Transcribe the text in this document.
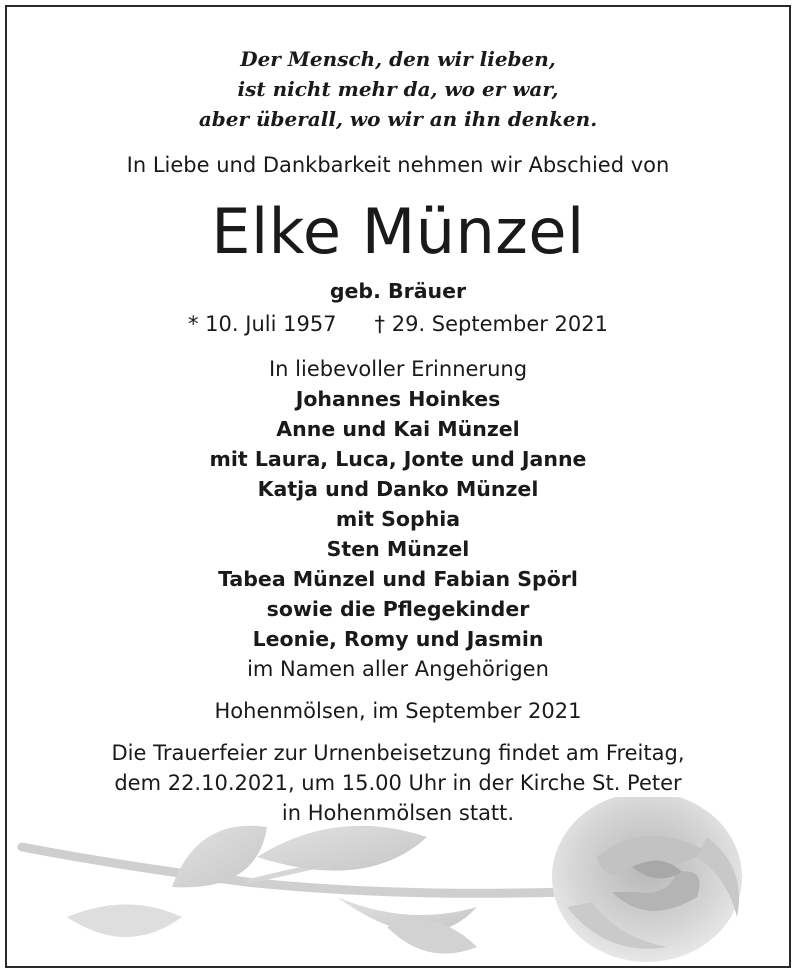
Der Mensch, den wir lieben,
ist nicht mehr da, wo er war,
aber überall, wo wir an ihn denken.
In Liebe und Dankbarkeit nehmen wir Abschied von
Elke Münzel
geb. Bräuer
* 10. Juli 1957 † 29. September 2021
In liebevoller Erinnerung
Johannes Hoinkes
Anne und Kai Münzel
mit Laura, Luca, Jonte und Janne
Katja und Danko Münzel
mit Sophia
Sten Münzel
Tabea Münzel und Fabian Spörl
sowie die Pflegekinder
Leonie, Romy und Jasmin
im Namen aller Angehörigen
Hohenmölsen, im September 2021
Die Trauerfeier zur Urnenbeisetzung findet am Freitag,
dem 22.10.2021, um 15.00 Uhr in der Kirche St. Peter
in Hohenmölsen statt.
